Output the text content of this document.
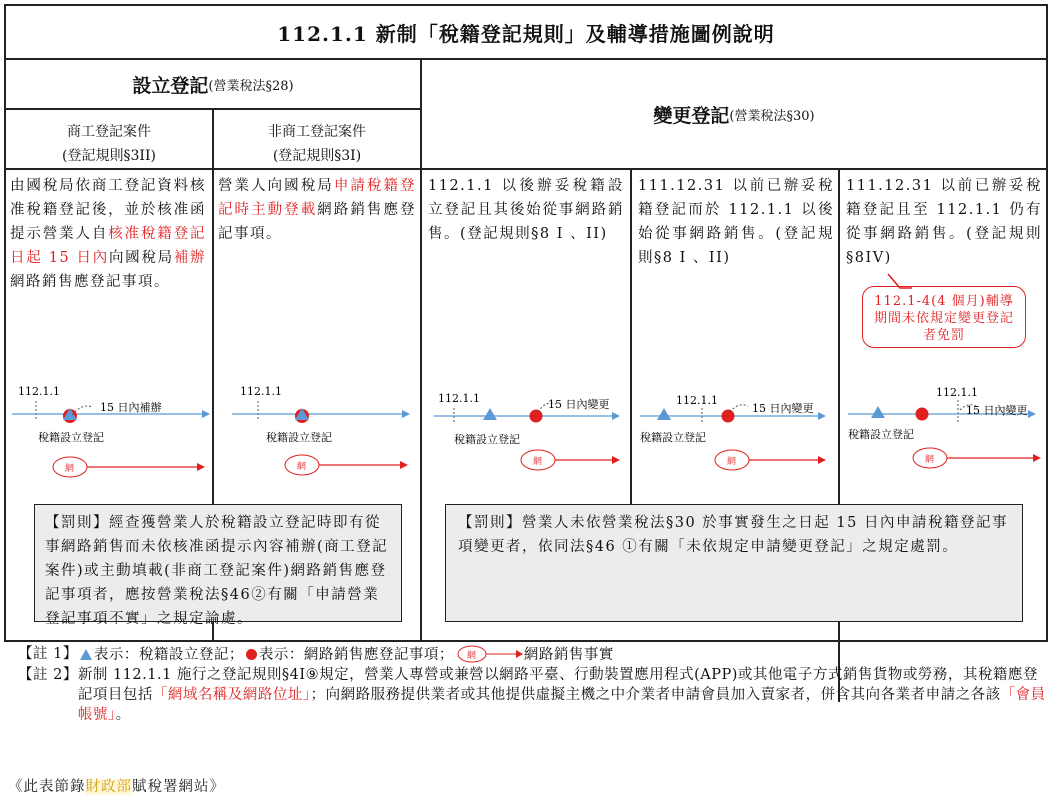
112.1.1 新制「稅籍登記規則」及輔導措施圖例說明
設立登記 (營業稅法§28)
商工登記案件
(登記規則§3II)
非商工登記案件
(登記規則§3I)
變更登記 (營業稅法§30)
由國稅局依商工登記資料核准稅籍登記後，並於核准函提示營業人自核准稅籍登記日起 15 日內向國稅局補辦網路銷售應登記事項。
營業人向國稅局申請稅籍登記時主動登載網路銷售應登記事項。
112.1.1 以後辦妥稅籍設立登記且其後始從事網路銷售。(登記規則§8 I 、II)
111.12.31 以前已辦妥稅籍登記而於 112.1.1 以後始從事網路銷售。(登記規則§8 I 、II)
111.12.31 以前已辦妥稅籍登記且至 112.1.1 仍有從事網路銷售。(登記規則§8IV)
112.1-4(4 個月)輔導期間未依規定變更登記者免罰
112.1.1
15 日內補辦
稅籍設立登記
網
112.1.1
稅籍設立登記
網
112.1.1	15 日內變更
稅籍設立登記
網
112.1.1
15 日內變更
稅籍設立登記
網
112.1.1
15 日內變更
稅籍設立登記
網
【罰則】經查獲營業人於稅籍設立登記時即有從事網路銷售而未依核准函提示內容補辦(商工登記案件)或主動填載(非商工登記案件)網路銷售應登記事項者，應按營業稅法§46②有關「申請營業登記事項不實」之規定論處。
【罰則】營業人未依營業稅法§30 於事實發生之日起 15 日內申請稅籍登記事項變更者，依同法§46 ①有關「未依規定申請變更登記」之規定處罰。
【註 1】	表示：稅籍設立登記； 表示：網路銷售應登記事項； 網	網路銷售事實
【註 2】 新制 112.1.1 施行之登記規則§4I⑨規定，營業人專營或兼營以網路平臺、行動裝置應用程式(APP)或其他電子方式銷售貨物或勞務，其稅籍應登記項目包括「網域名稱及網路位址」；向網路服務提供業者或其他提供虛擬主機之中介業者申請會員加入賣家者，併含其向各業者申請之各該「會員帳號」。
《此表節錄財政部賦稅署網站》
